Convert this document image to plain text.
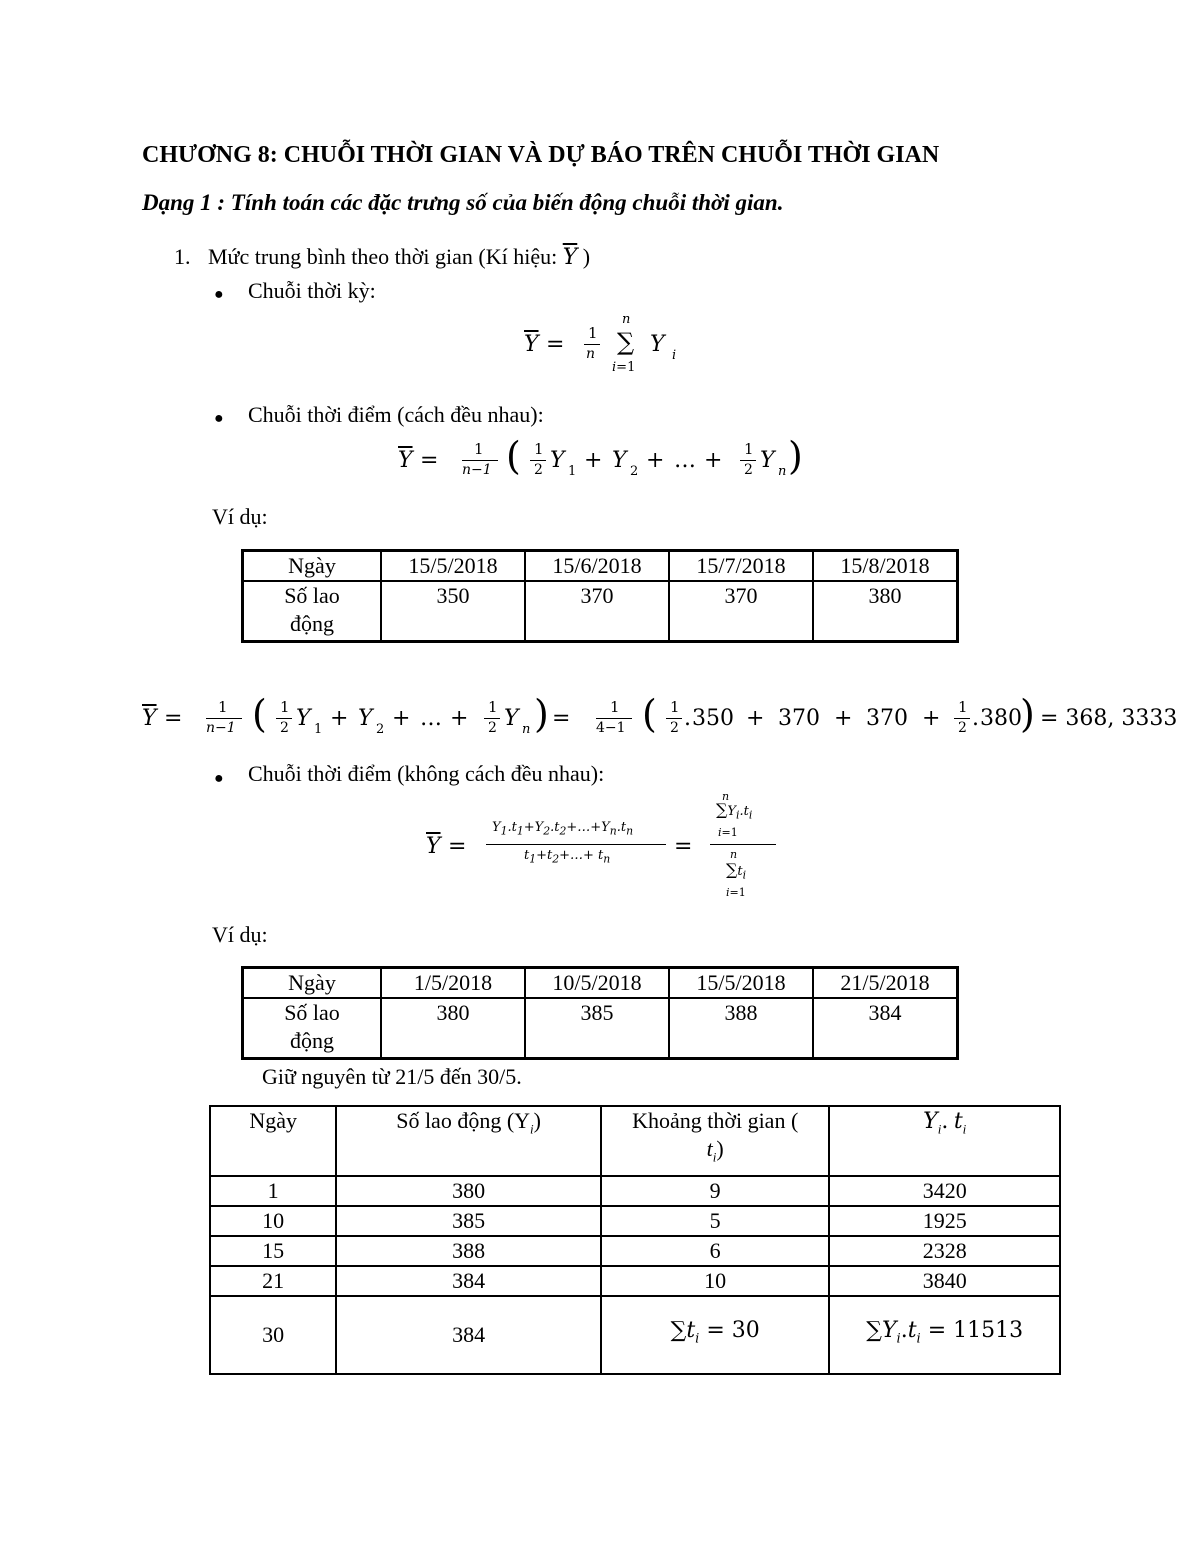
CHƯƠNG 8: CHUỖI THỜI GIAN VÀ DỰ BÁO TRÊN CHUỖI THỜI GIAN
Dạng 1 : Tính toán các đặc trưng số của biến động chuỗi thời gian.
1. Mức trung bình theo thời gian (Kí hiệu: $\overline{Y}$ )
● Chuỗi thời kỳ:
$\overline{Y} = 1$
n
n
∑
i=1
Y i
● Chuỗi thời điểm (cách đều nhau):
$\overline{Y} = 1$
n−1 ( 1
2 Y 1 + Y 2 + … + 1
2 Y n )
Ví dụ:
Ngày	15/5/2018	15/6/2018	15/7/2018	15/8/2018
Số lao
động	350	370	370	380
$\overline{Y} = 1$
n−1 ( 1
2 Y 1 + Y 2 + … + 1
2 Y n ) =	1
4−1 ( 1
2 . 350 + 370 + 370 + 1
2 . 380
) = 368, 3333
● Chuỗi thời điểm (không cách đều nhau):
$\overline{Y}$ =
$Y_1.t_1+Y_2.t_2+\dots+Y_n.t_n$
$t_1+t_2+\dots+ t_n$
=
n
$\sum Y_i.t_i$
i=1
n
$\sum t_i$
i=1
Ví dụ:
Ngày	1/5/2018	10/5/2018	15/5/2018	21/5/2018
Số lao
động	380	385	388	384
Giữ nguyên từ 21/5 đến 30/5.
Ngày	Số lao động $(Y_i)$	Khoảng thời gian (
$t_i$)	$Y_i$. $t_i$
1	380	9	3420
10	385	5	1925
15	388	6	2328
21	384	10	3840
30	384	$\sum t_i = 30$	$\sum Y_i.t_i = 11513$
